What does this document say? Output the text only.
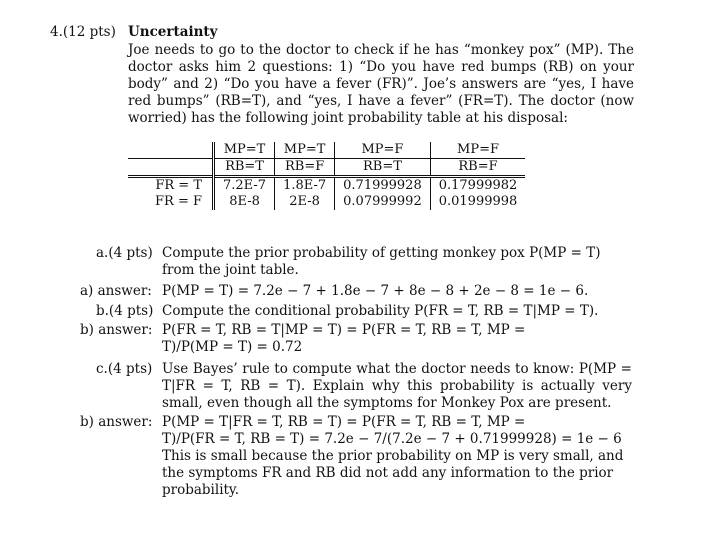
4.(12 pts) Uncertainty
Joe needs to go to the doctor to check if he has “monkey pox” (MP). The
doctor asks him 2 questions: 1) “Do you have red bumps (RB) on your
body” and 2) “Do you have a fever (FR)”. Joe’s answers are “yes, I have
red bumps” (RB=T), and “yes, I have a fever” (FR=T). The doctor (now
worried) has the following joint probability table at his disposal:
	MP=T	MP=T	MP=F	MP=F
	RB=T	RB=F	RB=T	RB=F
FR = T	7.2E-7	1.8E-7	0.71999928	0.17999982
FR = F	8E-8	2E-8	0.07999992	0.01999998
a.(4 pts) Compute the prior probability of getting monkey pox P(MP = T)
from the joint table.
a) answer: P(MP = T) = 7.2e − 7 + 1.8e − 7 + 8e − 8 + 2e − 8 = 1e − 6.
b.(4 pts) Compute the conditional probability P(FR = T, RB = T|MP = T).
b) answer: P(FR = T, RB = T|MP = T) = P(FR = T, RB = T, MP =
T)/P(MP = T) = 0.72
c.(4 pts) Use Bayes’ rule to compute what the doctor needs to know: P(MP =
T|FR = T, RB = T). Explain why this probability is actually very
small, even though all the symptoms for Monkey Pox are present.
b) answer: P(MP = T|FR = T, RB = T) = P(FR = T, RB = T, MP =
T)/P(FR = T, RB = T) = 7.2e − 7/(7.2e − 7 + 0.71999928) = 1e − 6
This is small because the prior probability on MP is very small, and
the symptoms FR and RB did not add any information to the prior
probability.
